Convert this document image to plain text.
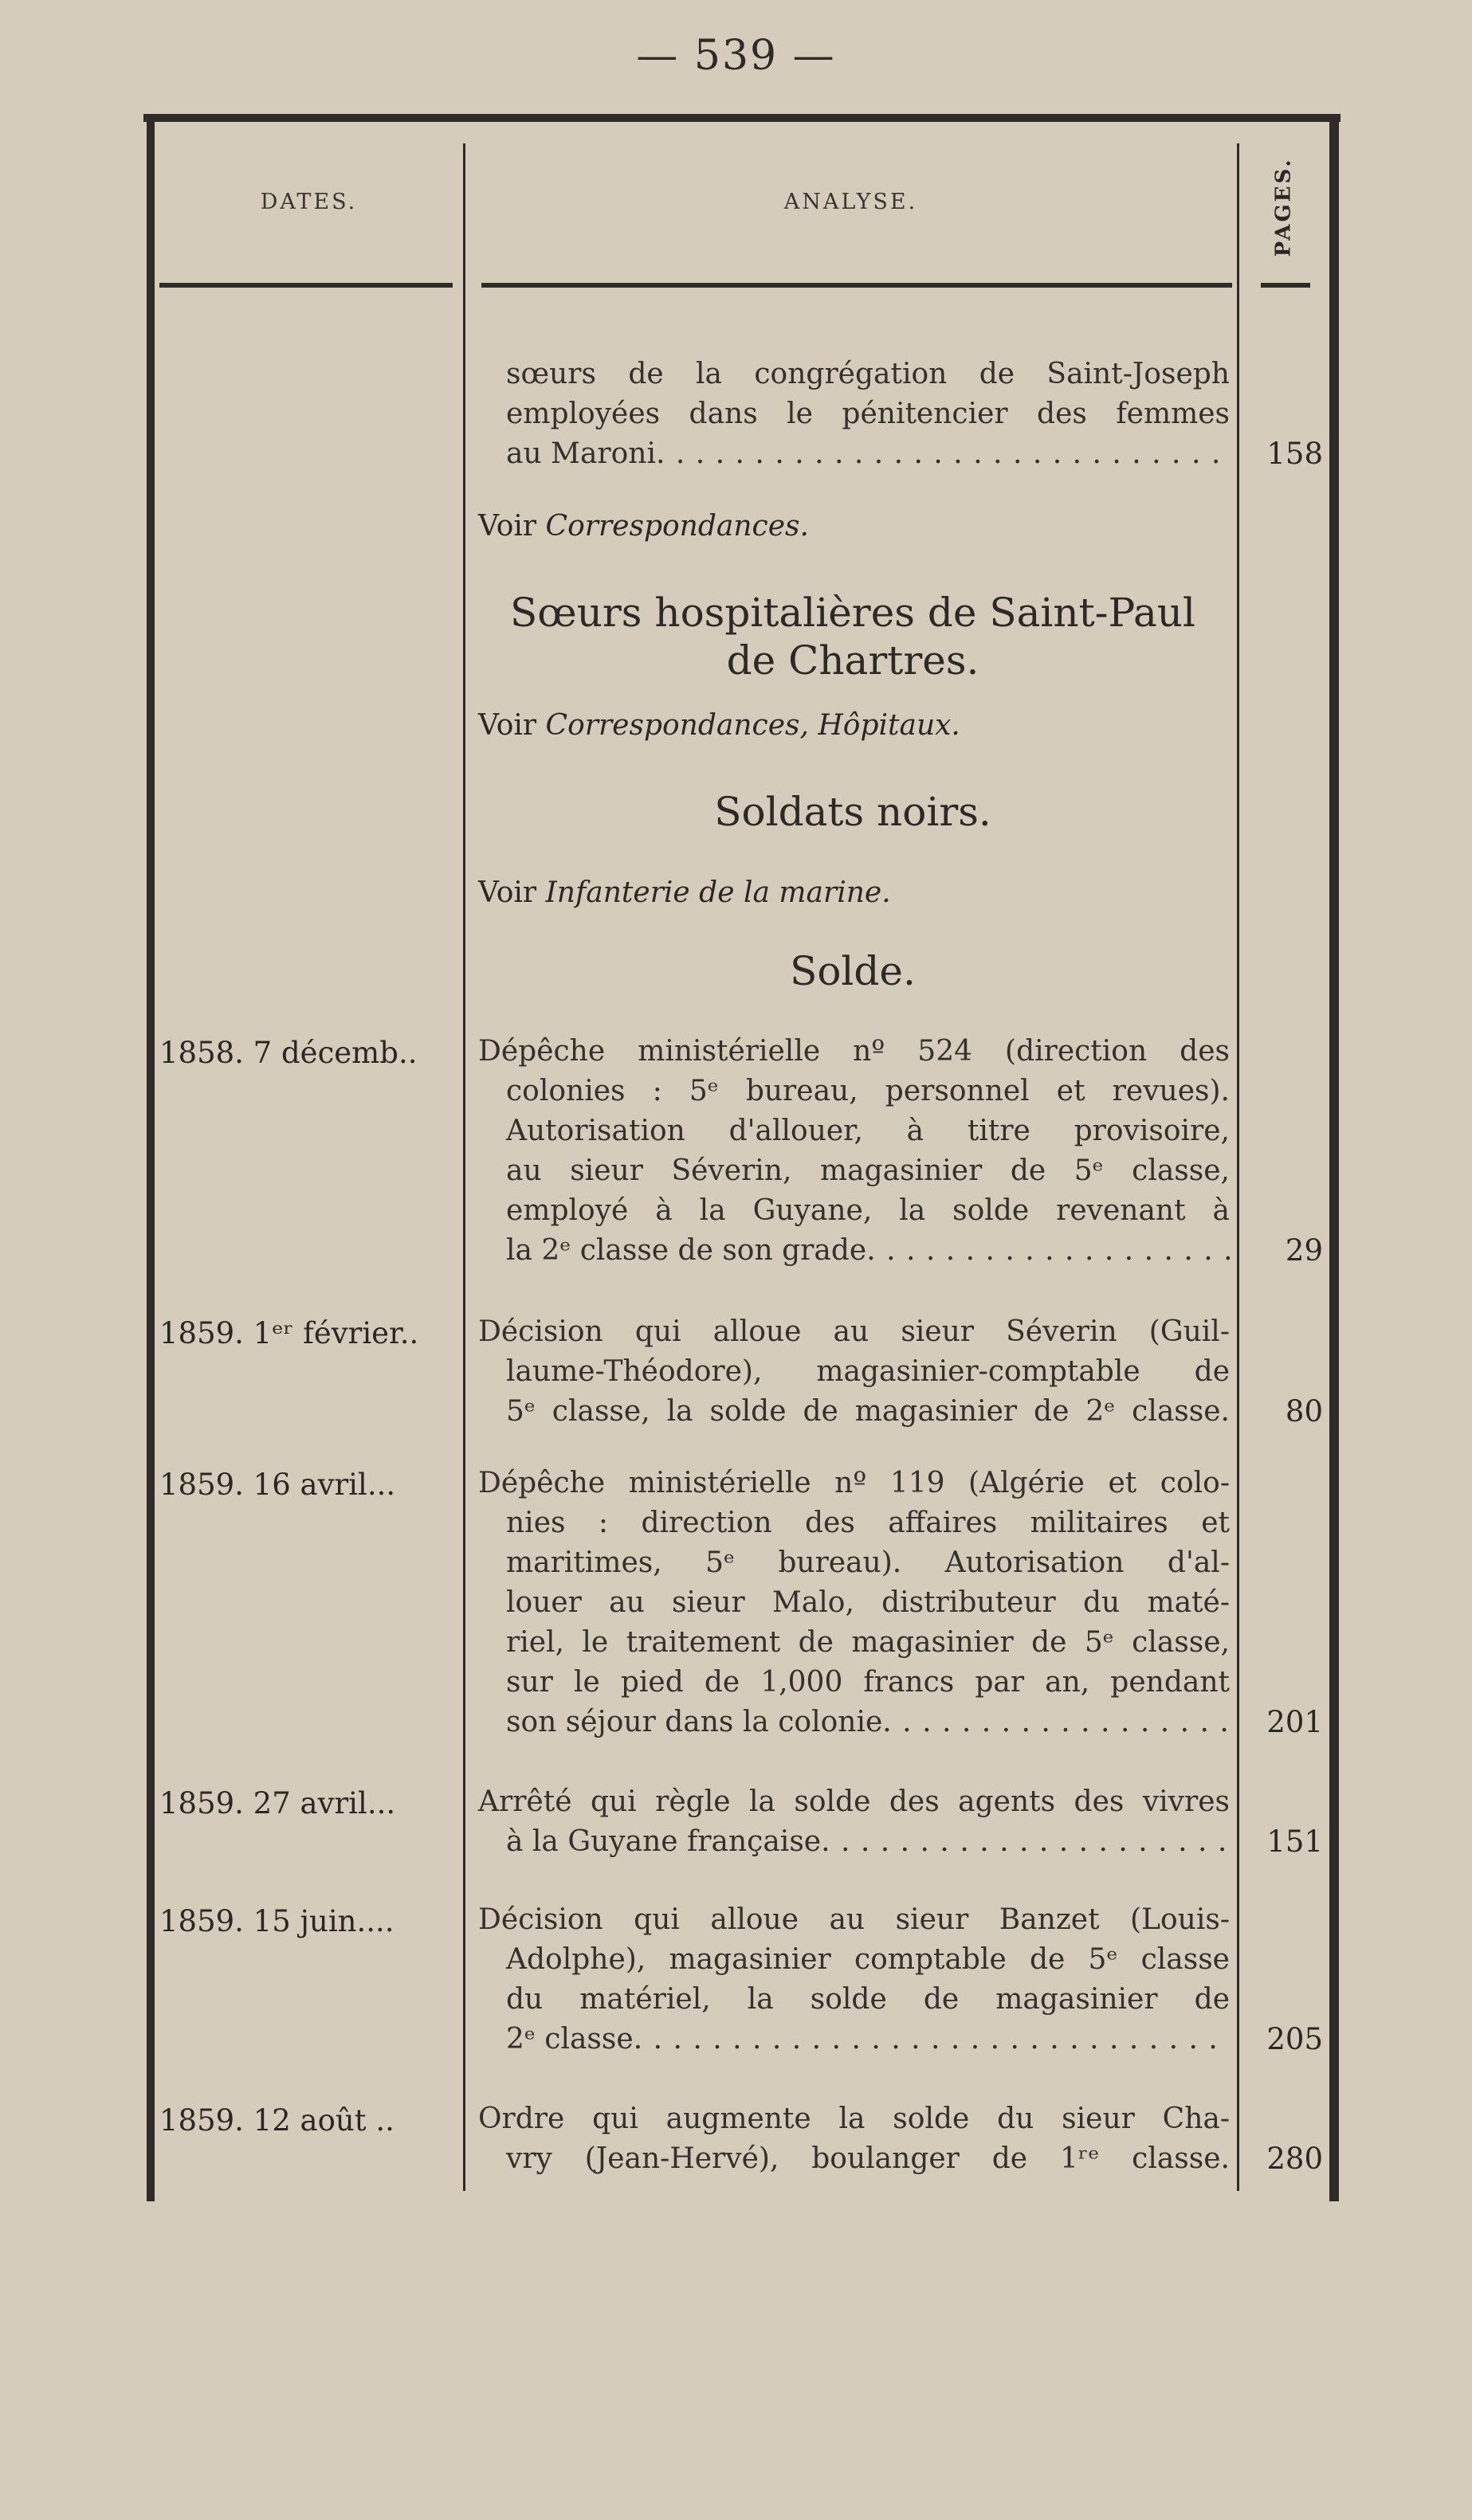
— 539 —
DATES.	ANALYSE.	PAGES.
sœurs de la congrégation de Saint-Joseph
employées dans le pénitencier des femmes
au Maroni . . .	158
Voir Correspondances.
Sœurs hospitalières de Saint-Paul
de Chartres.
Voir Correspondances, Hôpitaux.
Soldats noirs.
Voir Infanterie de la marine.
Solde.
1858. 7 décemb.. Dépêche ministérielle nº 524 (direction des
colonies : 5ᵉ bureau, personnel et revues).
Autorisation d'allouer, à titre provisoire,
au sieur Séverin, magasinier de 5ᵉ classe,
employé à la Guyane, la solde revenant à
la 2ᵉ classe de son grade . . .	29
1859. 1ᵉʳ février.. Décision qui alloue au sieur Séverin (Guil-
laume-Théodore), magasinier-comptable de
5ᵉ classe, la solde de magasinier de 2ᵉ classe.	80
1859. 16 avril...	Dépêche ministérielle nº 119 (Algérie et colo-
nies : direction des affaires militaires et
maritimes, 5ᵉ bureau). Autorisation d'al-
louer au sieur Malo, distributeur du maté-
riel, le traitement de magasinier de 5ᵉ classe,
sur le pied de 1,000 francs par an, pendant
son séjour dans la colonie . . .	201
1859. 27 avril...	Arrêté qui règle la solde des agents des vivres
à la Guyane française . . .	151
1859. 15 juin....	Décision qui alloue au sieur Banzet (Louis-
Adolphe), magasinier comptable de 5ᵉ classe
du matériel, la solde de magasinier de
2ᵉ classe . . .	205
1859. 12 août ..	Ordre qui augmente la solde du sieur Cha-
vry (Jean-Hervé), boulanger de 1ʳᵉ classe.	280
